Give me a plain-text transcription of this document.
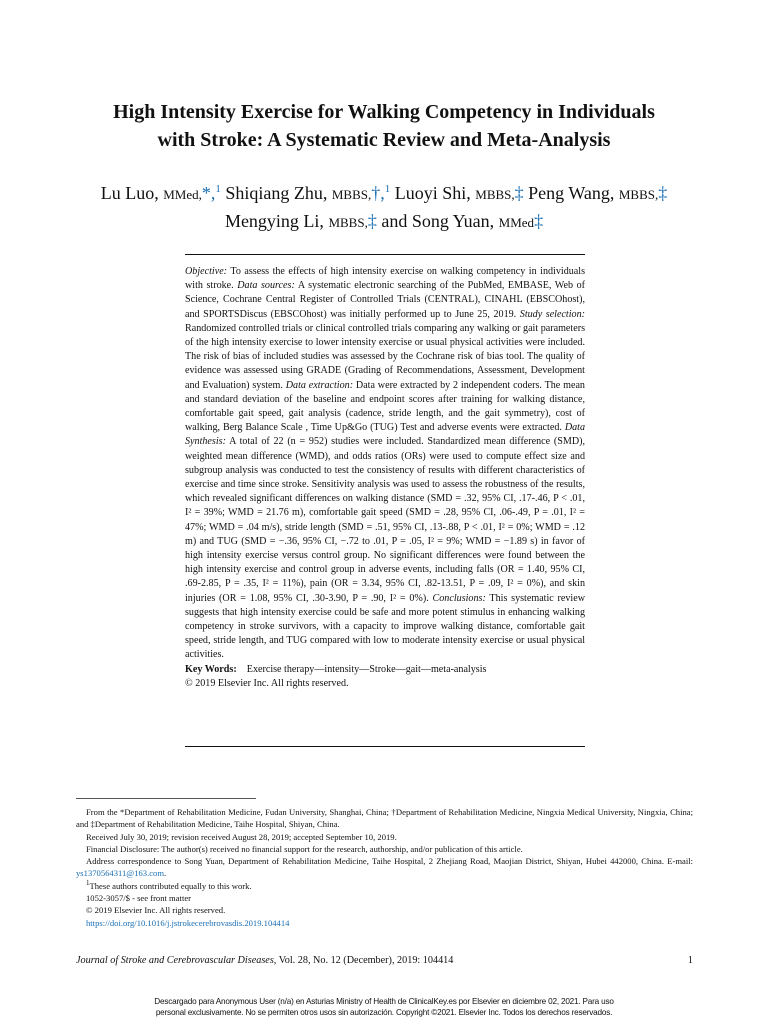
High Intensity Exercise for Walking Competency in Individuals
with Stroke: A Systematic Review and Meta-Analysis
Lu Luo, MMed,*,$^1$ Shiqiang Zhu, MBBS,†,$^1$ Luoyi Shi, MBBS,‡ Peng Wang, MBBS,‡
Mengying Li, MBBS,‡ and Song Yuan, MMed‡

Objective: To assess the effects of high intensity exercise on walking competency in individuals with stroke. Data sources: A systematic electronic searching of the PubMed, EMBASE, Web of Science, Cochrane Central Register of Controlled Trials (CENTRAL), CINAHL (EBSCOhost), and SPORTSDiscus (EBSCOhost) was initially performed up to June 25, 2019. Study selection: Randomized controlled trials or clinical controlled trials comparing any walking or gait parameters of the high intensity exercise to lower intensity exercise or usual physical activities were included. The risk of bias of included studies was assessed by the Cochrane risk of bias tool. The quality of evidence was assessed using GRADE (Grading of Recommendations, Assessment, Development and Evaluation) system. Data extraction: Data were extracted by 2 independent coders. The mean and standard deviation of the baseline and endpoint scores after training for walking distance, comfortable gait speed, gait analysis (cadence, stride length, and the gait symmetry), cost of walking, Berg Balance Scale , Time Up&Go (TUG) Test and adverse events were extracted. Data Synthesis: A total of 22 (n = 952) studies were included. Standardized mean difference (SMD), weighted mean difference (WMD), and odds ratios (ORs) were used to compute effect size and subgroup analysis was conducted to test the consistency of results with different characteristics of exercise and time since stroke. Sensitivity analysis was used to assess the robustness of the results, which revealed significant differences on walking distance (SMD = .32, 95% CI, .17-.46, P < .01, I² = 39%; WMD = 21.76 m), comfortable gait speed (SMD = .28, 95% CI, .06-.49, P = .01, I² = 47%; WMD = .04 m/s), stride length (SMD = .51, 95% CI, .13-.88, P < .01, I² = 0%; WMD = .12 m) and TUG (SMD = −.36, 95% CI, −.72 to .01, P = .05, I² = 9%; WMD = −1.89 s) in favor of high intensity exercise versus control group. No significant differences were found between the high intensity exercise and control group in adverse events, including falls (OR = 1.40, 95% CI, .69-2.85, P = .35, I² = 11%), pain (OR = 3.34, 95% CI, .82-13.51, P = .09, I² = 0%), and skin injuries (OR = 1.08, 95% CI, .30-3.90, P = .90, I² = 0%). Conclusions: This systematic review suggests that high intensity exercise could be safe and more potent stimulus in enhancing walking competency in stroke survivors, with a capacity to improve walking distance, comfortable gait speed, stride length, and TUG compared with low to moderate intensity exercise or usual physical activities.

Key Words: Exercise therapy—intensity—Stroke—gait—meta-analysis

© 2019 Elsevier Inc. All rights reserved.

From the *Department of Rehabilitation Medicine, Fudan University, Shanghai, China; †Department of Rehabilitation Medicine, Ningxia Medical University, Ningxia, China; and ‡Department of Rehabilitation Medicine, Taihe Hospital, Shiyan, China.

Received July 30, 2019; revision received August 28, 2019; accepted September 10, 2019.

Financial Disclosure: The author(s) received no financial support for the research, authorship, and/or publication of this article.

Address correspondence to Song Yuan, Department of Rehabilitation Medicine, Taihe Hospital, 2 Zhejiang Road, Maojian District, Shiyan, Hubei 442000, China. E-mail: ys1370564311@163.com.

$^1$These authors contributed equally to this work.

1052-3057/$ - see front matter

© 2019 Elsevier Inc. All rights reserved.

https://doi.org/10.1016/j.jstrokecerebrovasdis.2019.104414

Journal of Stroke and Cerebrovascular Diseases, Vol. 28, No. 12 (December), 2019: 104414	1
Descargado para Anonymous User (n/a) en Asturias Ministry of Health de ClinicalKey.es por Elsevier en diciembre 02, 2021. Para uso
personal exclusivamente. No se permiten otros usos sin autorización. Copyright ©2021. Elsevier Inc. Todos los derechos reservados.
